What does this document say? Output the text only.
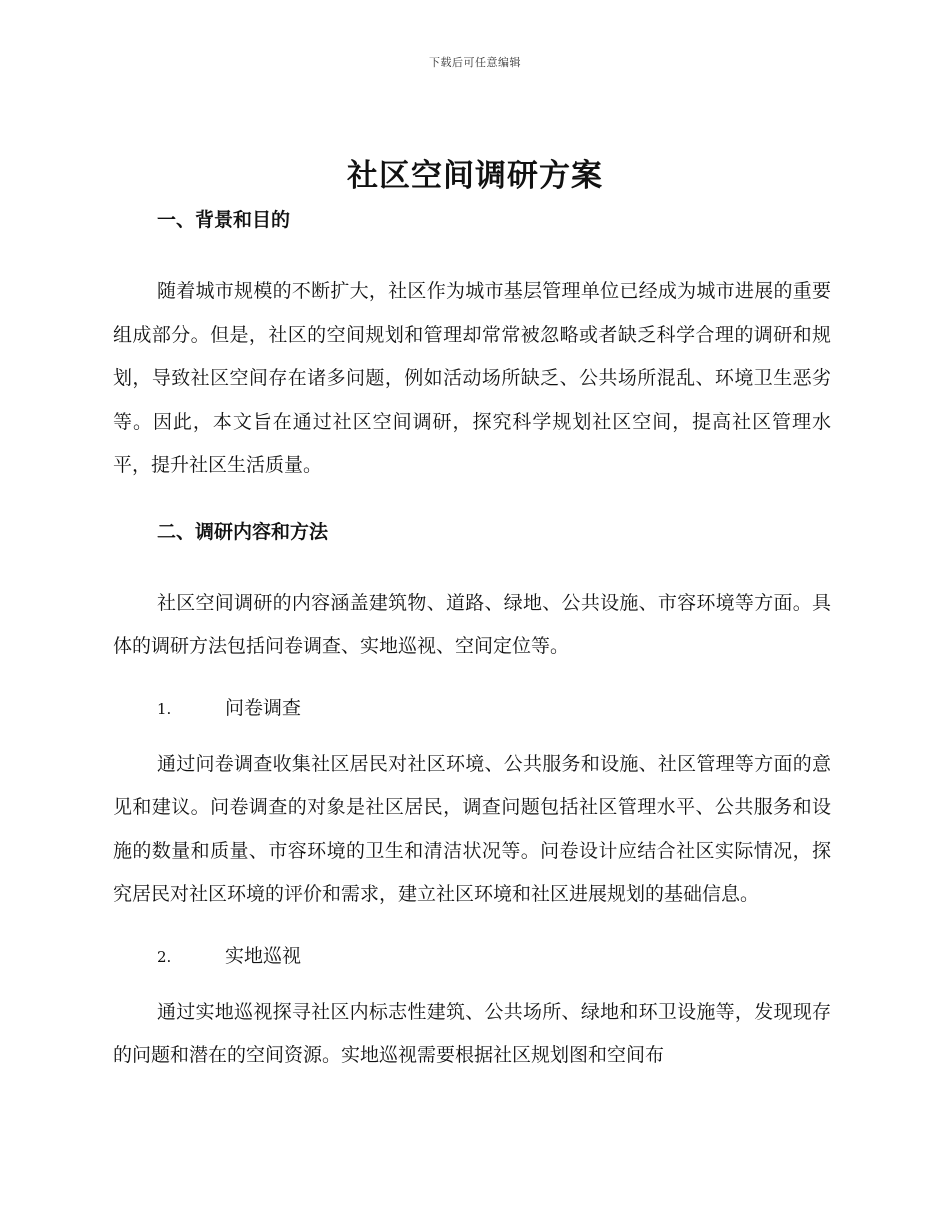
下载后可任意编辑
社区空间调研方案
一、背景和目的

随着城市规模的不断扩大，社区作为城市基层管理单位已经成为城市进展的重要组成部分。但是，社区的空间规划和管理却常常被忽略或者缺乏科学合理的调研和规划，导致社区空间存在诸多问题，例如活动场所缺乏、公共场所混乱、环境卫生恶劣等。因此，本文旨在通过社区空间调研，探究科学规划社区空间，提高社区管理水平，提升社区生活质量。

二、调研内容和方法

社区空间调研的内容涵盖建筑物、道路、绿地、公共设施、市容环境等方面。具体的调研方法包括问卷调查、实地巡视、空间定位等。

1.	问卷调查

通过问卷调查收集社区居民对社区环境、公共服务和设施、社区管理等方面的意见和建议。问卷调查的对象是社区居民，调查问题包括社区管理水平、公共服务和设施的数量和质量、市容环境的卫生和清洁状况等。问卷设计应结合社区实际情况，探究居民对社区环境的评价和需求，建立社区环境和社区进展规划的基础信息。

2.	实地巡视

通过实地巡视探寻社区内标志性建筑、公共场所、绿地和环卫设施等，发现现存的问题和潜在的空间资源。实地巡视需要根据社区规划图和空间布
